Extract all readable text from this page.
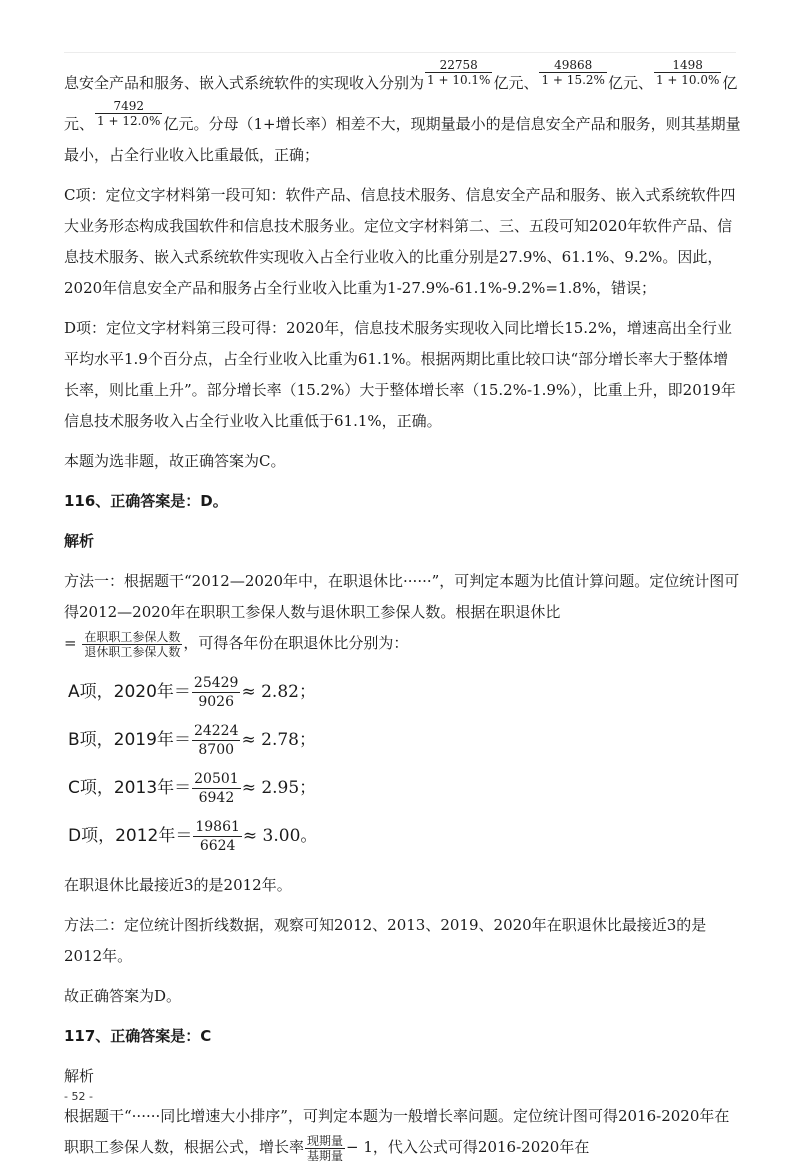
息安全产品和服务、嵌入式系统软件的实现收入分别为 $\frac{22758}{1 + 10.1\%}$ 亿元、 $\frac{49868}{1 + 15.2\%}$ 亿元、 $\frac{1498}{1 + 10.0\%}$ 亿
元、 $\frac{7492}{1 + 12.0\%}$ 亿元。分母（1+增长率）相差不大，现期量最小的是信息安全产品和服务，则其基期量最小，占全行业收入比重最低，正确；

C项：定位文字材料第一段可知：软件产品、信息技术服务、信息安全产品和服务、嵌入式系统软件四大业务形态构成我国软件和信息技术服务业。定位文字材料第二、三、五段可知2020年软件产品、信息技术服务、嵌入式系统软件实现收入占全行业收入的比重分别是27.9%、61.1%、9.2%。因此，2020年信息安全产品和服务占全行业收入比重为1-27.9%-61.1%-9.2%=1.8%，错误；

D项：定位文字材料第三段可得：2020年，信息技术服务实现收入同比增长15.2%，增速高出全行业平均水平1.9个百分点，占全行业收入比重为61.1%。根据两期比重比较口诀“部分增长率大于整体增长率，则比重上升”。部分增长率（15.2%）大于整体增长率（15.2%-1.9%），比重上升，即2019年信息技术服务收入占全行业收入比重低于61.1%，正确。

本题为选非题，故正确答案为C。

116、正确答案是：D。

解析

方法一：根据题干“2012—2020年中，在职退休比······”，可判定本题为比值计算问题。定位统计图可得2012—2020年在职职工参保人数与退休职工参保人数。根据在职退休比
= $\frac{\text{在职职工参保人数}}{\text{退休职工参保人数}}$ ，可得各年份在职退休比分别为：

A项，2020年＝ $\frac{25429}{9026} \approx 2.82$；

B项，2019年＝ $\frac{24224}{8700} \approx 2.78$；

C项，2013年＝ $\frac{20501}{6942} \approx 2.95$；

D项，2012年＝ $\frac{19861}{6624} \approx 3.00$。

在职退休比最接近3的是2012年。

方法二：定位统计图折线数据，观察可知2012、2013、2019、2020年在职退休比最接近3的是2012年。

故正确答案为D。

117、正确答案是：C

解析

根据题干“······同比增速大小排序”，可判定本题为一般增长率问题。定位统计图可得2016-2020年在职职工参保人数，根据公式，增长率 $\frac{\text{现期量}}{\text{基期量}} - 1$，代入公式可得2016-2020年在

- 52 -
